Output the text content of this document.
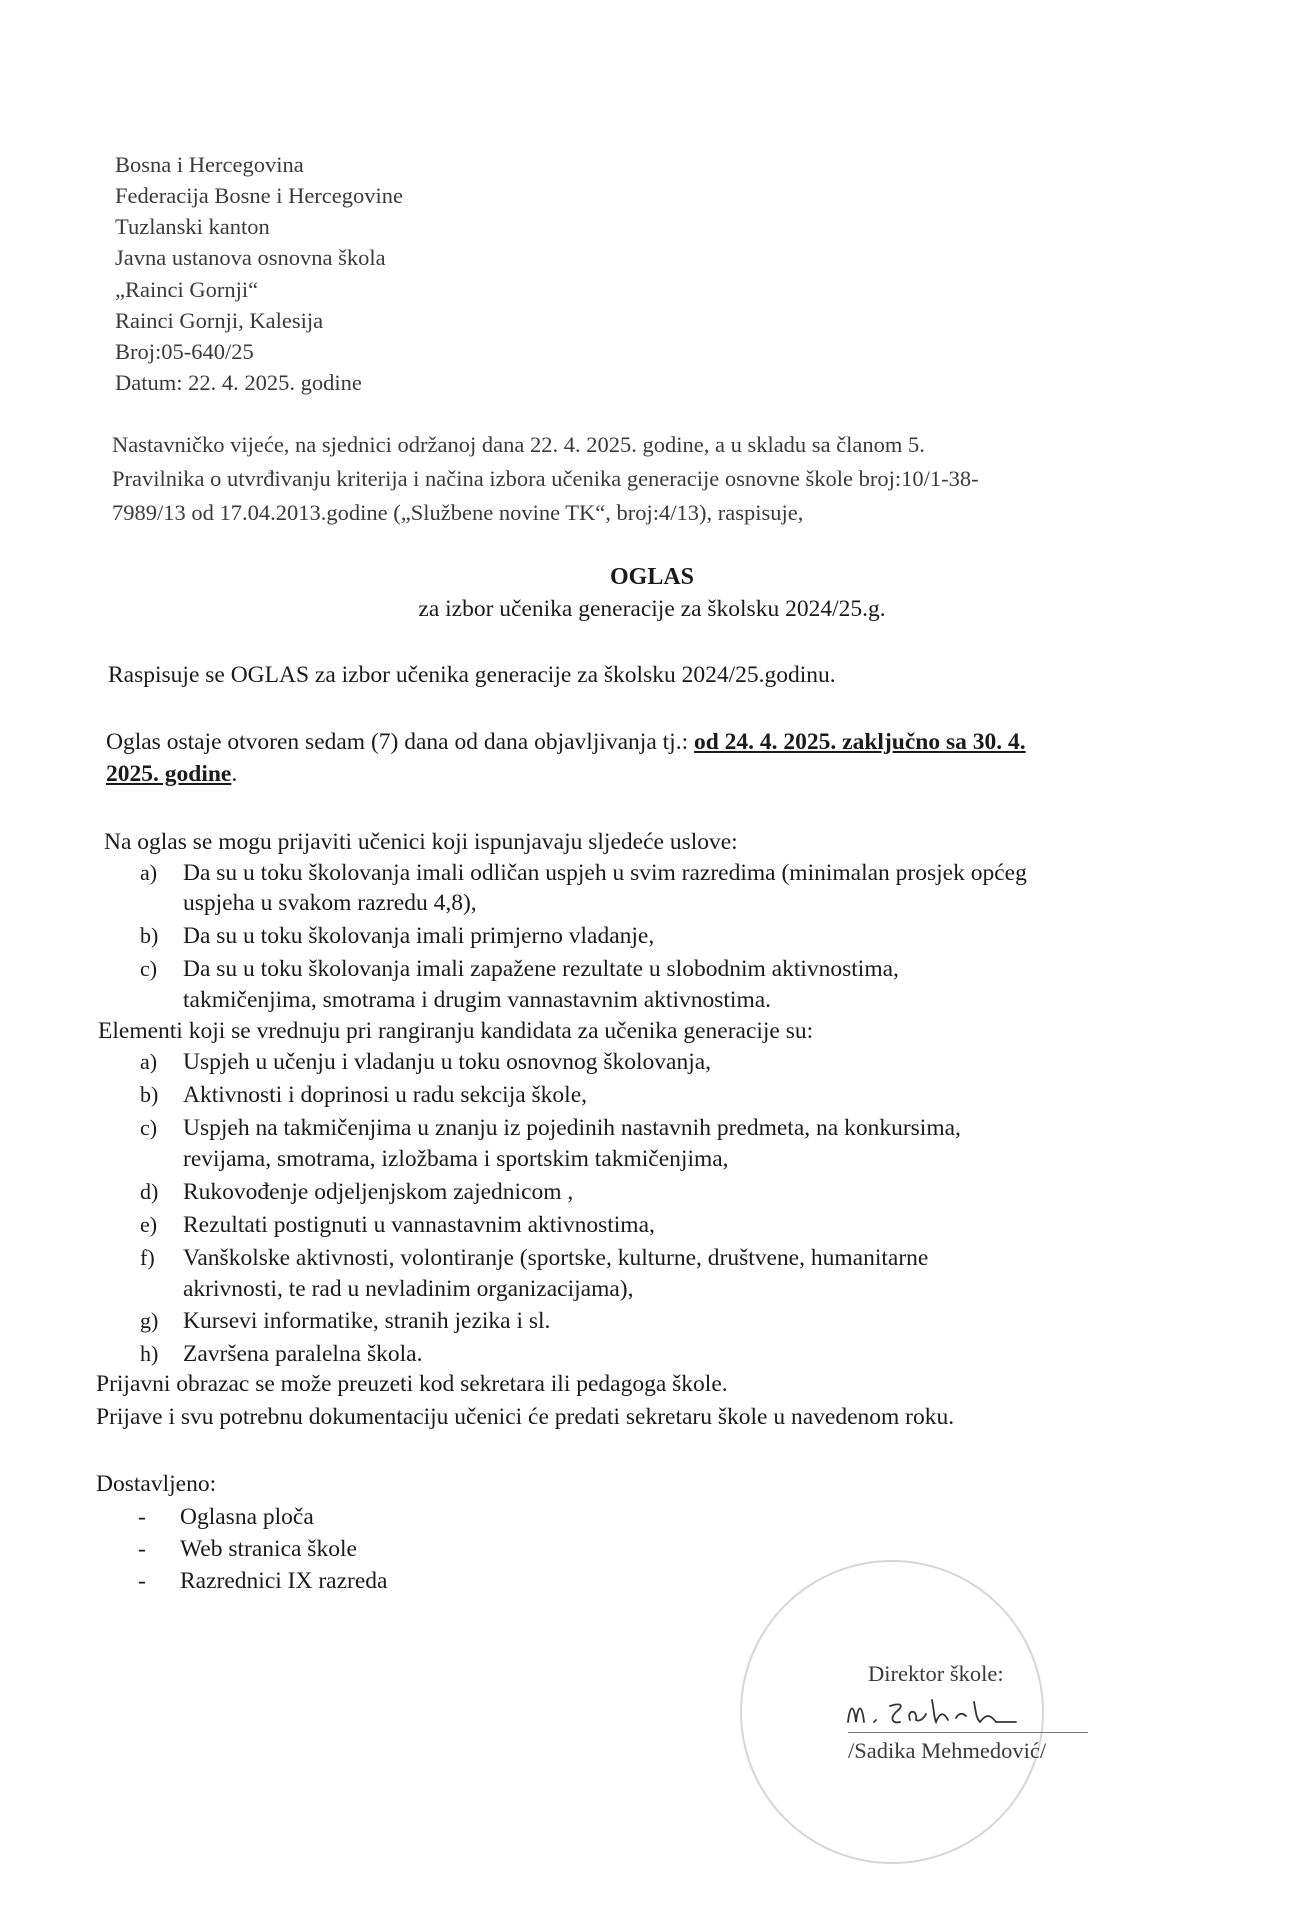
Bosna i Hercegovina
Federacija Bosne i Hercegovine
Tuzlanski kanton
Javna ustanova osnovna škola
„Rainci Gornji“
Rainci Gornji, Kalesija
Broj:05-640/25
Datum: 22. 4. 2025. godine
Nastavničko vijeće, na sjednici održanoj dana 22. 4. 2025. godine, a u skladu sa članom 5.
Pravilnika o utvrđivanju kriterija i načina izbora učenika generacije osnovne škole broj:10/1-38-
7989/13 od 17.04.2013.godine („Službene novine TK“, broj:4/13), raspisuje,
OGLAS
za izbor učenika generacije za školsku 2024/25.g.
Raspisuje se OGLAS za izbor učenika generacije za školsku 2024/25.godinu.
Oglas ostaje otvoren sedam (7) dana od dana objavljivanja tj.: od 24. 4. 2025. zaključno sa 30. 4.
2025. godine.
Na oglas se mogu prijaviti učenici koji ispunjavaju sljedeće uslove:
a) Da su u toku školovanja imali odličan uspjeh u svim razredima (minimalan prosjek općeg
uspjeha u svakom razredu 4,8),
b) Da su u toku školovanja imali primjerno vladanje,
c) Da su u toku školovanja imali zapažene rezultate u slobodnim aktivnostima,
takmičenjima, smotrama i drugim vannastavnim aktivnostima.
Elementi koji se vrednuju pri rangiranju kandidata za učenika generacije su:
a) Uspjeh u učenju i vladanju u toku osnovnog školovanja,
b) Aktivnosti i doprinosi u radu sekcija škole,
c) Uspjeh na takmičenjima u znanju iz pojedinih nastavnih predmeta, na konkursima,
revijama, smotrama, izložbama i sportskim takmičenjima,
d) Rukovođenje odjeljenjskom zajednicom ,
e) Rezultati postignuti u vannastavnim aktivnostima,
f) Vanškolske aktivnosti, volontiranje (sportske, kulturne, društvene, humanitarne
akrivnosti, te rad u nevladinim organizacijama),
g) Kursevi informatike, stranih jezika i sl.
h) Završena paralelna škola.
Prijavni obrazac se može preuzeti kod sekretara ili pedagoga škole.
Prijave i svu potrebnu dokumentaciju učenici će predati sekretaru škole u navedenom roku.
Dostavljeno:
- Oglasna ploča
- Web stranica škole
- Razrednici IX razreda
Direktor škole:
/Sadika Mehmedović/
